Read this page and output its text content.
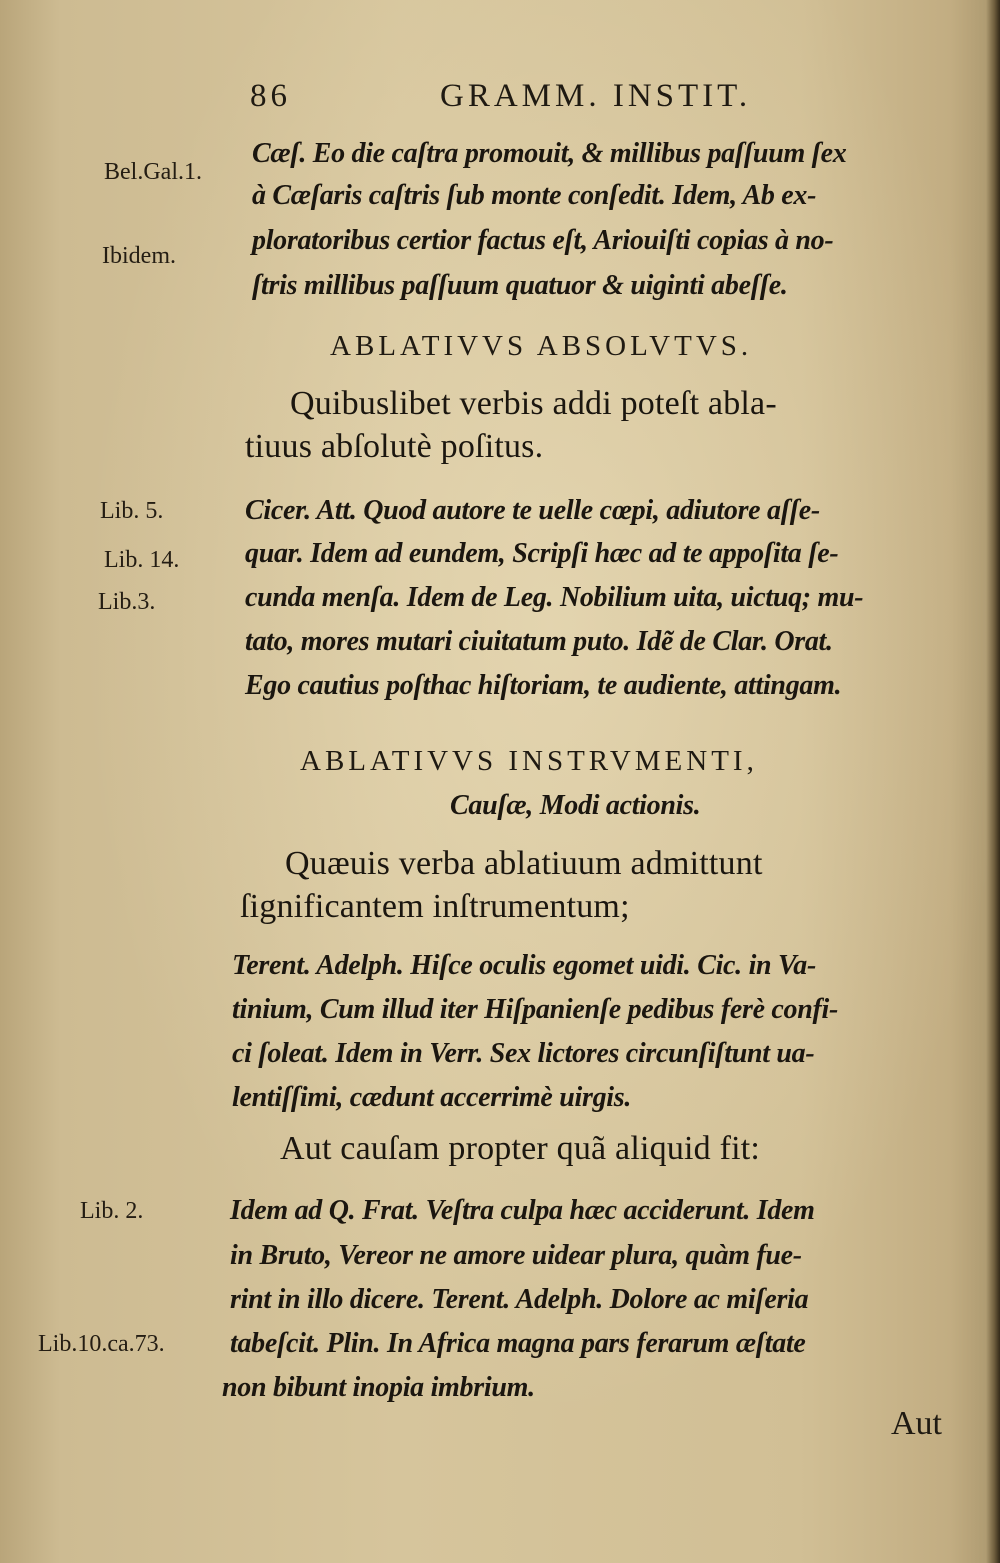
86	GRAMM. INSTIT.
Bel.Gal.1.
Ibidem.
Lib. 5.
Lib. 14.
Lib.3.
Lib. 2.
Lib.10.ca.73.
Cæſ. Eo die caſtra promouit, & millibus paſſuum ſex
à Cæſaris caſtris ſub monte conſedit. Idem, Ab ex-
ploratoribus certior factus eſt, Ariouiſti copias à no-
ſtris millibus paſſuum quatuor & uiginti abeſſe.
ABLATIVVS ABSOLVTVS.
Quibuslibet verbis addi poteſt abla-
tiuus abſolutè poſitus.
Cicer. Att. Quod autore te uelle cœpi, adiutore aſſe-
quar. Idem ad eundem, Scripſi hæc ad te appoſita ſe-
cunda menſa. Idem de Leg. Nobilium uita, uictuq; mu-
tato, mores mutari ciuitatum puto. Idẽ de Clar. Orat.
Ego cautius poſthac hiſtoriam, te audiente, attingam.
ABLATIVVS INSTRVMENTI,
Cauſæ, Modi actionis.
Quæuis verba ablatiuum admittunt
ſignificantem inſtrumentum;
Terent. Adelph. Hiſce oculis egomet uidi. Cic. in Va-
tinium, Cum illud iter Hiſpanienſe pedibus ferè confi-
ci ſoleat. Idem in Verr. Sex lictores circunſiſtunt ua-
lentiſſimi, cædunt accerrimè uirgis.
Aut cauſam propter quã aliquid fit:
Idem ad Q. Frat. Veſtra culpa hæc acciderunt. Idem
in Bruto, Vereor ne amore uidear plura, quàm fue-
rint in illo dicere. Terent. Adelph. Dolore ac miſeria
tabeſcit. Plin. In Africa magna pars ferarum æſtate
non bibunt inopia imbrium.
Aut
